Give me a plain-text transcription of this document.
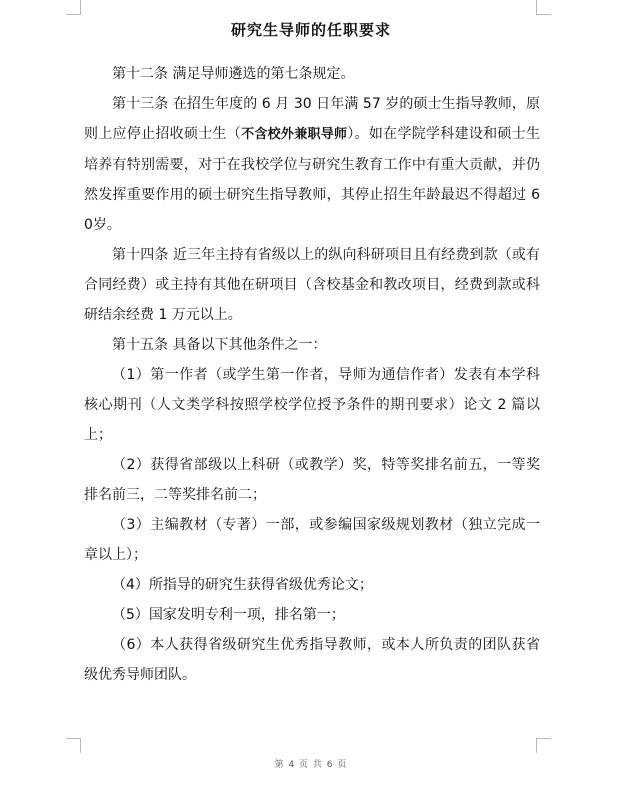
研究生导师的任职要求

第十二条 满足导师遴选的第七条规定。

第十三条 在招生年度的 6 月 30 日年满 57 岁的硕士生指导教师，原则上应停止招收硕士生（不含校外兼职导师）。如在学院学科建设和硕士生培养有特别需要，对于在我校学位与研究生教育工作中有重大贡献，并仍然发挥重要作用的硕士研究生指导教师，其停止招生年龄最迟不得超过 60岁。

第十四条 近三年主持有省级以上的纵向科研项目且有经费到款（或有合同经费）或主持有其他在研项目（含校基金和教改项目，经费到款或科研结余经费 1 万元以上。

第十五条 具备以下其他条件之一：

（1）第一作者（或学生第一作者，导师为通信作者）发表有本学科核心期刊（人文类学科按照学校学位授予条件的期刊要求）论文 2 篇以上；

（2）获得省部级以上科研（或教学）奖，特等奖排名前五，一等奖排名前三，二等奖排名前二；

（3）主编教材（专著）一部，或参编国家级规划教材（独立完成一章以上）；

（4）所指导的研究生获得省级优秀论文；

（5）国家发明专利一项，排名第一；

（6）本人获得省级研究生优秀指导教师，或本人所负责的团队获省级优秀导师团队。

第 4 页 共 6 页
